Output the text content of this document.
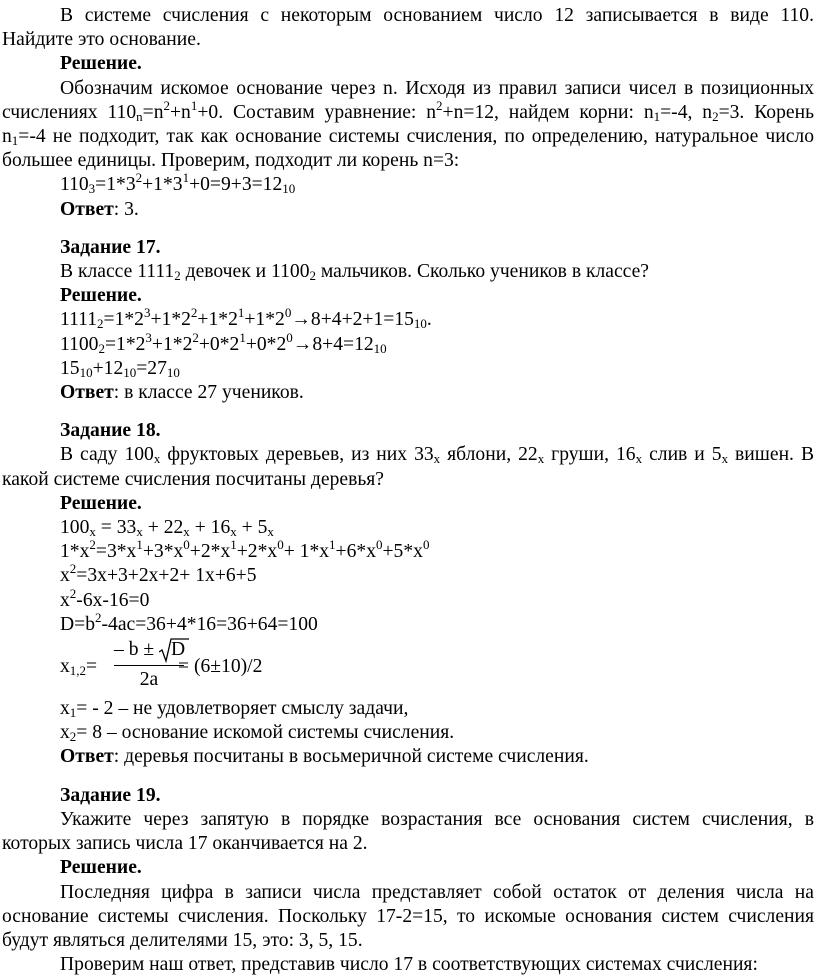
В системе счисления с некоторым основанием число 12 записывается в виде 110. Найдите это основание.

Решение.

Обозначим искомое основание через n. Исходя из правил записи чисел в позиционных счислениях $110_n=n^2+n^1+0$. Составим уравнение: $n^2+n=12$, найдем корни: $n_1=-4$, $n_2=3$. Корень $n_1=-4$ не подходит, так как основание системы счисления, по определению, натуральное число большее единицы. Проверим, подходит ли корень n=3:

$110_3=1*3^2+1*3^1+0=9+3=12_{10}$

Ответ: 3.

Задание 17.

В классе $1111_2$ девочек и $1100_2$ мальчиков. Сколько учеников в классе?

Решение.

$1111_2=1*2^3+1*2^2+1*2^1+1*2^0\to 8+4+2+1=15_{10}$.

$1100_2=1*2^3+1*2^2+0*2^1+0*2^0\to 8+4=12_{10}$

$15_{10}+12_{10}=27_{10}$

Ответ: в классе 27 учеников.

Задание 18.

В саду $100_x$ фруктовых деревьев, из них $33_x$ яблони, $22_x$ груши, $16_x$ слив и $5_x$ вишен. В какой системе счисления посчитаны деревья?

Решение.

$100_x = 33_x + 22_x + 16_x + 5_x$

$1*x^2=3*x^1+3*x^0+2*x^1+2*x^0+ 1*x^1+6*x^0+5*x^0$

$x^2=3x+3+2x+2+ 1x+6+5$

$x^2-6x-16=0$

$D=b^2-4ac=36+4*16=36+64=100$

$x_{1,2}= - b$ ±
D
2a
= (6±10)/2

$x_1= - 2$ – не удовлетворяет смыслу задачи,

$x_2= 8$ – основание искомой системы счисления.

Ответ: деревья посчитаны в восьмеричной системе счисления.

Задание 19.

Укажите через запятую в порядке возрастания все основания систем счисления, в которых запись числа 17 оканчивается на 2.

Решение.

Последняя цифра в записи числа представляет собой остаток от деления числа на основание системы счисления. Поскольку 17-2=15, то искомые основания систем счисления будут являться делителями 15, это: 3, 5, 15.

Проверим наш ответ, представив число 17 в соответствующих системах счисления:
